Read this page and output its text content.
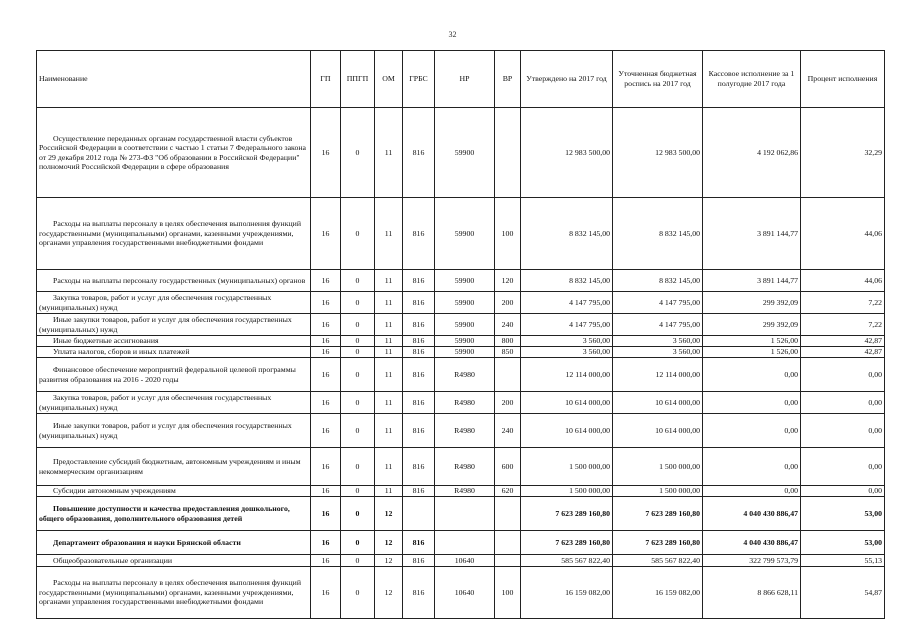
32
Наименование	ГП	ППГП	ОМ	ГРБС	НР	ВР	Утверждено на 2017 год	Уточненная бюджетная роспись на 2017 год	Кассовое исполнение за 1 полугодие 2017 года	Процент исполнения
Осуществление переданных органам государственной власти субъектов Российской Федерации в соответствии с частью 1 статьи 7 Федерального закона от 29 декабря 2012 года № 273-ФЗ "Об образовании в Российской Федерации" полномочий Российской Федерации в сфере образования	16	0	11	816	59900		12 983 500,00	12 983 500,00	4 192 062,86	32,29
Расходы на выплаты персоналу в целях обеспечения выполнения функций государственными (муниципальными) органами, казенными учреждениями, органами управления государственными внебюджетными фондами	16	0	11	816	59900	100	8 832 145,00	8 832 145,00	3 891 144,77	44,06
Расходы на выплаты персоналу государственных (муниципальных) органов	16	0	11	816	59900	120	8 832 145,00	8 832 145,00	3 891 144,77	44,06
Закупка товаров, работ и услуг для обеспечения государственных (муниципальных) нужд	16	0	11	816	59900	200	4 147 795,00	4 147 795,00	299 392,09	7,22
Иные закупки товаров, работ и услуг для обеспечения государственных (муниципальных) нужд	16	0	11	816	59900	240	4 147 795,00	4 147 795,00	299 392,09	7,22
Иные бюджетные ассигнования	16	0	11	816	59900	800	3 560,00	3 560,00	1 526,00	42,87
Уплата налогов, сборов и иных платежей	16	0	11	816	59900	850	3 560,00	3 560,00	1 526,00	42,87
Финансовое обеспечение мероприятий федеральной целевой программы развития образования на 2016 - 2020 годы	16	0	11	816	R4980		12 114 000,00	12 114 000,00	0,00	0,00
Закупка товаров, работ и услуг для обеспечения государственных (муниципальных) нужд	16	0	11	816	R4980	200	10 614 000,00	10 614 000,00	0,00	0,00
Иные закупки товаров, работ и услуг для обеспечения государственных (муниципальных) нужд	16	0	11	816	R4980	240	10 614 000,00	10 614 000,00	0,00	0,00
Предоставление субсидий бюджетным, автономным учреждениям и иным некоммерческим организациям	16	0	11	816	R4980	600	1 500 000,00	1 500 000,00	0,00	0,00
Субсидии автономным учреждениям	16	0	11	816	R4980	620	1 500 000,00	1 500 000,00	0,00	0,00
Повышение доступности и качества предоставления дошкольного, общего образования, дополнительного образования детей	16	0	12				7 623 289 160,80	7 623 289 160,80	4 040 430 886,47	53,00
Департамент образования и науки Брянской области	16	0	12	816			7 623 289 160,80	7 623 289 160,80	4 040 430 886,47	53,00
Общеобразовательные организации	16	0	12	816	10640		585 567 822,40	585 567 822,40	322 799 573,79	55,13
Расходы на выплаты персоналу в целях обеспечения выполнения функций государственными (муниципальными) органами, казенными учреждениями, органами управления государственными внебюджетными фондами	16	0	12	816	10640	100	16 159 082,00	16 159 082,00	8 866 628,11	54,87
